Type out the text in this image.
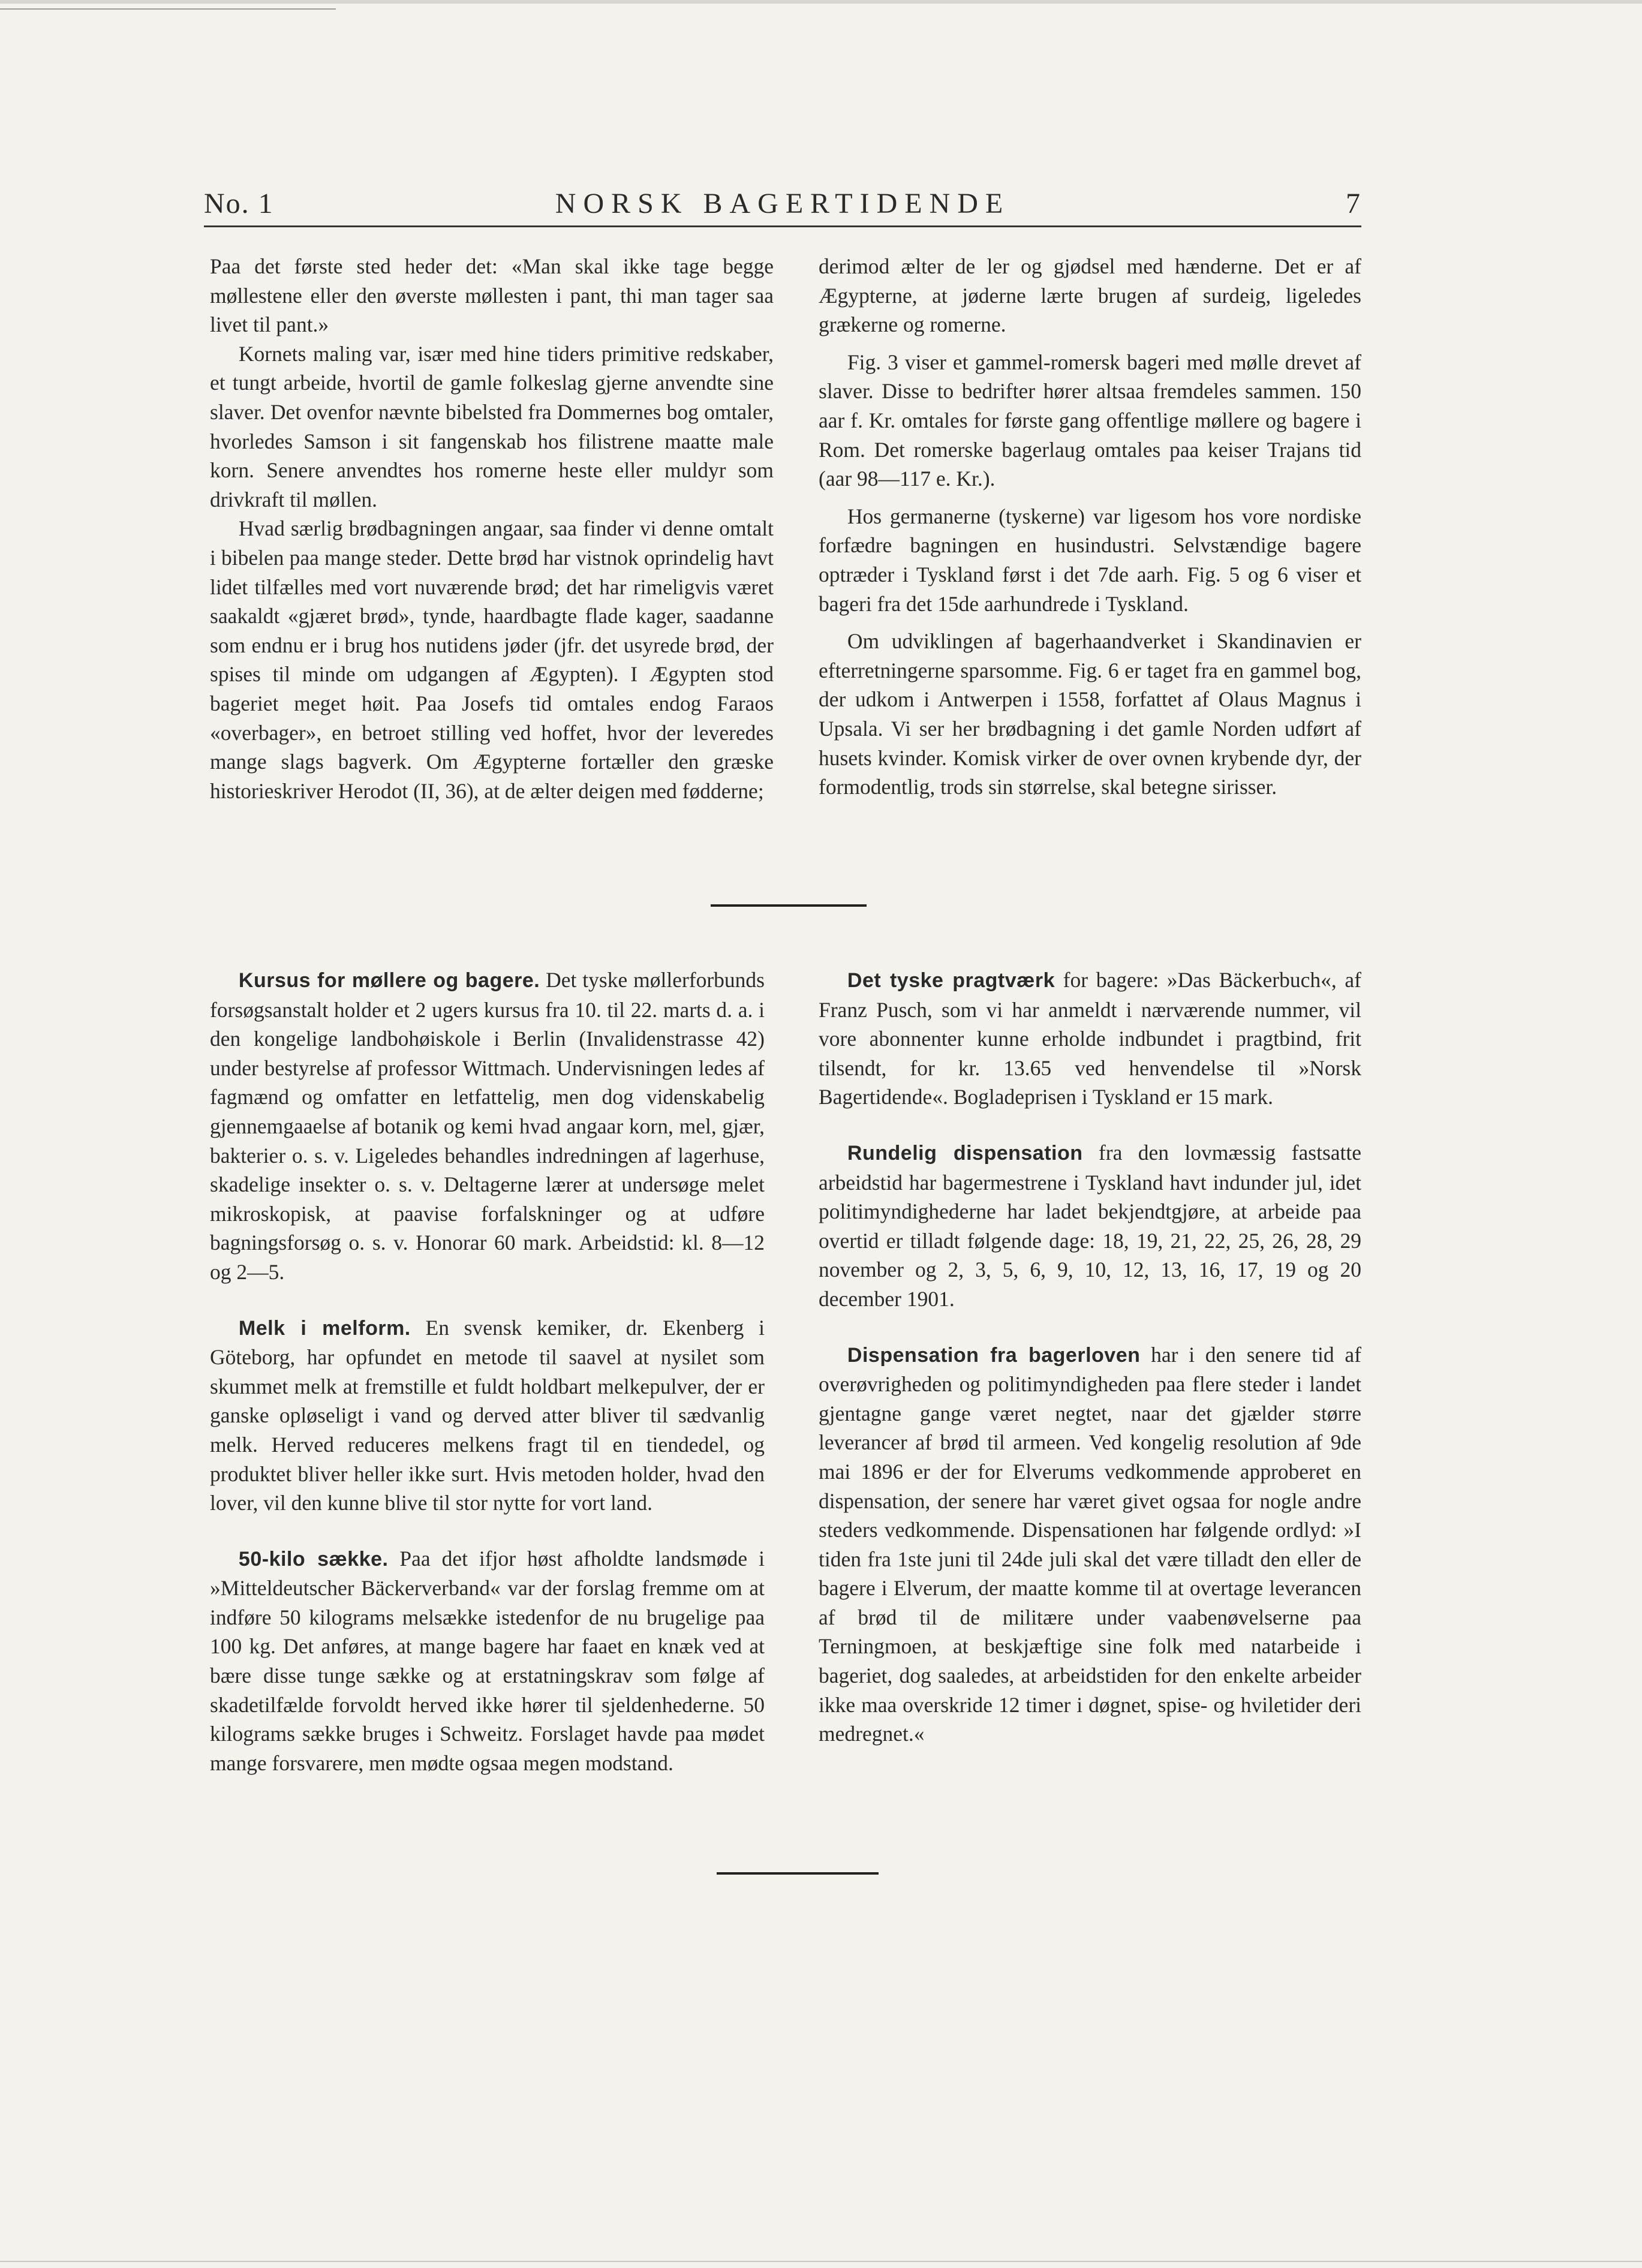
No. 1	NORSK BAGERTIDENDE	7

Paa det første sted heder det: «Man skal ikke tage begge møllestene eller den øverste møllesten i pant, thi man tager saa livet til pant.»

Kornets maling var, især med hine tiders primitive redskaber, et tungt arbeide, hvortil de gamle folkeslag gjerne anvendte sine slaver. Det ovenfor nævnte bibelsted fra Dommernes bog omtaler, hvorledes Samson i sit fangenskab hos filistrene maatte male korn. Senere anvendtes hos romerne heste eller muldyr som drivkraft til møllen.

Hvad særlig brødbagningen angaar, saa finder vi denne omtalt i bibelen paa mange steder. Dette brød har vistnok oprindelig havt lidet tilfælles med vort nuværende brød; det har rimeligvis været saakaldt «gjæret brød», tynde, haardbagte flade kager, saadanne som endnu er i brug hos nutidens jøder (jfr. det usyrede brød, der spises til minde om udgangen af Ægypten). I Ægypten stod bageriet meget høit. Paa Josefs tid omtales endog Faraos «overbager», en betroet stilling ved hoffet, hvor der leveredes mange slags bagverk. Om Ægypterne fortæller den græske historieskriver Herodot (II, 36), at de ælter deigen med fødderne;

derimod ælter de ler og gjødsel med hænderne. Det er af Ægypterne, at jøderne lærte brugen af surdeig, ligeledes grækerne og romerne.

Fig. 3 viser et gammel-romersk bageri med mølle drevet af slaver. Disse to bedrifter hører altsaa fremdeles sammen. 150 aar f. Kr. omtales for første gang offentlige møllere og bagere i Rom. Det romerske bagerlaug omtales paa keiser Trajans tid (aar 98—117 e. Kr.).

Hos germanerne (tyskerne) var ligesom hos vore nordiske forfædre bagningen en husindustri. Selvstændige bagere optræder i Tyskland først i det 7de aarh. Fig. 5 og 6 viser et bageri fra det 15de aarhundrede i Tyskland.

Om udviklingen af bagerhaandverket i Skandinavien er efterretningerne sparsomme. Fig. 6 er taget fra en gammel bog, der udkom i Antwerpen i 1558, forfattet af Olaus Magnus i Upsala. Vi ser her brødbagning i det gamle Norden udført af husets kvinder. Komisk virker de over ovnen krybende dyr, der formodentlig, trods sin størrelse, skal betegne sirisser.

Kursus for møllere og bagere. Det tyske møllerforbunds forsøgsanstalt holder et 2 ugers kursus fra 10. til 22. marts d. a. i den kongelige landbohøiskole i Berlin (Invalidenstrasse 42) under bestyrelse af professor Wittmach. Undervisningen ledes af fagmænd og omfatter en letfattelig, men dog videnskabelig gjennemgaaelse af botanik og kemi hvad angaar korn, mel, gjær, bakterier o. s. v. Ligeledes behandles indredningen af lagerhuse, skadelige insekter o. s. v. Deltagerne lærer at undersøge melet mikroskopisk, at paavise forfalskninger og at udføre bagningsforsøg o. s. v. Honorar 60 mark. Arbeidstid: kl. 8—12 og 2—5.

Melk i melform. En svensk kemiker, dr. Ekenberg i Göteborg, har opfundet en metode til saavel at nysilet som skummet melk at fremstille et fuldt holdbart melkepulver, der er ganske opløseligt i vand og derved atter bliver til sædvanlig melk. Herved reduceres melkens fragt til en tiendedel, og produktet bliver heller ikke surt. Hvis metoden holder, hvad den lover, vil den kunne blive til stor nytte for vort land.

50-kilo sække. Paa det ifjor høst afholdte landsmøde i »Mitteldeutscher Bäckerverband« var der forslag fremme om at indføre 50 kilograms melsække istedenfor de nu brugelige paa 100 kg. Det anføres, at mange bagere har faaet en knæk ved at bære disse tunge sække og at erstatningskrav som følge af skadetilfælde forvoldt herved ikke hører til sjeldenhederne. 50 kilograms sække bruges i Schweitz. Forslaget havde paa mødet mange forsvarere, men mødte ogsaa megen modstand.

Det tyske pragtværk for bagere: »Das Bäckerbuch«, af Franz Pusch, som vi har anmeldt i nærværende nummer, vil vore abonnenter kunne erholde indbundet i pragtbind, frit tilsendt, for kr. 13.65 ved henvendelse til »Norsk Bagertidende«. Bogladeprisen i Tyskland er 15 mark.

Rundelig dispensation fra den lovmæssig fastsatte arbeidstid har bagermestrene i Tyskland havt indunder jul, idet politimyndighederne har ladet bekjendtgjøre, at arbeide paa overtid er tilladt følgende dage: 18, 19, 21, 22, 25, 26, 28, 29 november og 2, 3, 5, 6, 9, 10, 12, 13, 16, 17, 19 og 20 december 1901.

Dispensation fra bagerloven har i den senere tid af overøvrigheden og politimyndigheden paa flere steder i landet gjentagne gange været negtet, naar det gjælder større leverancer af brød til armeen. Ved kongelig resolution af 9de mai 1896 er der for Elverums vedkommende approberet en dispensation, der senere har været givet ogsaa for nogle andre steders vedkommende. Dispensationen har følgende ordlyd: »I tiden fra 1ste juni til 24de juli skal det være tilladt den eller de bagere i Elverum, der maatte komme til at overtage leverancen af brød til de militære under vaabenøvelserne paa Terningmoen, at beskjæftige sine folk med natarbeide i bageriet, dog saaledes, at arbeidstiden for den enkelte arbeider ikke maa overskride 12 timer i døgnet, spise- og hviletider deri medregnet.«
